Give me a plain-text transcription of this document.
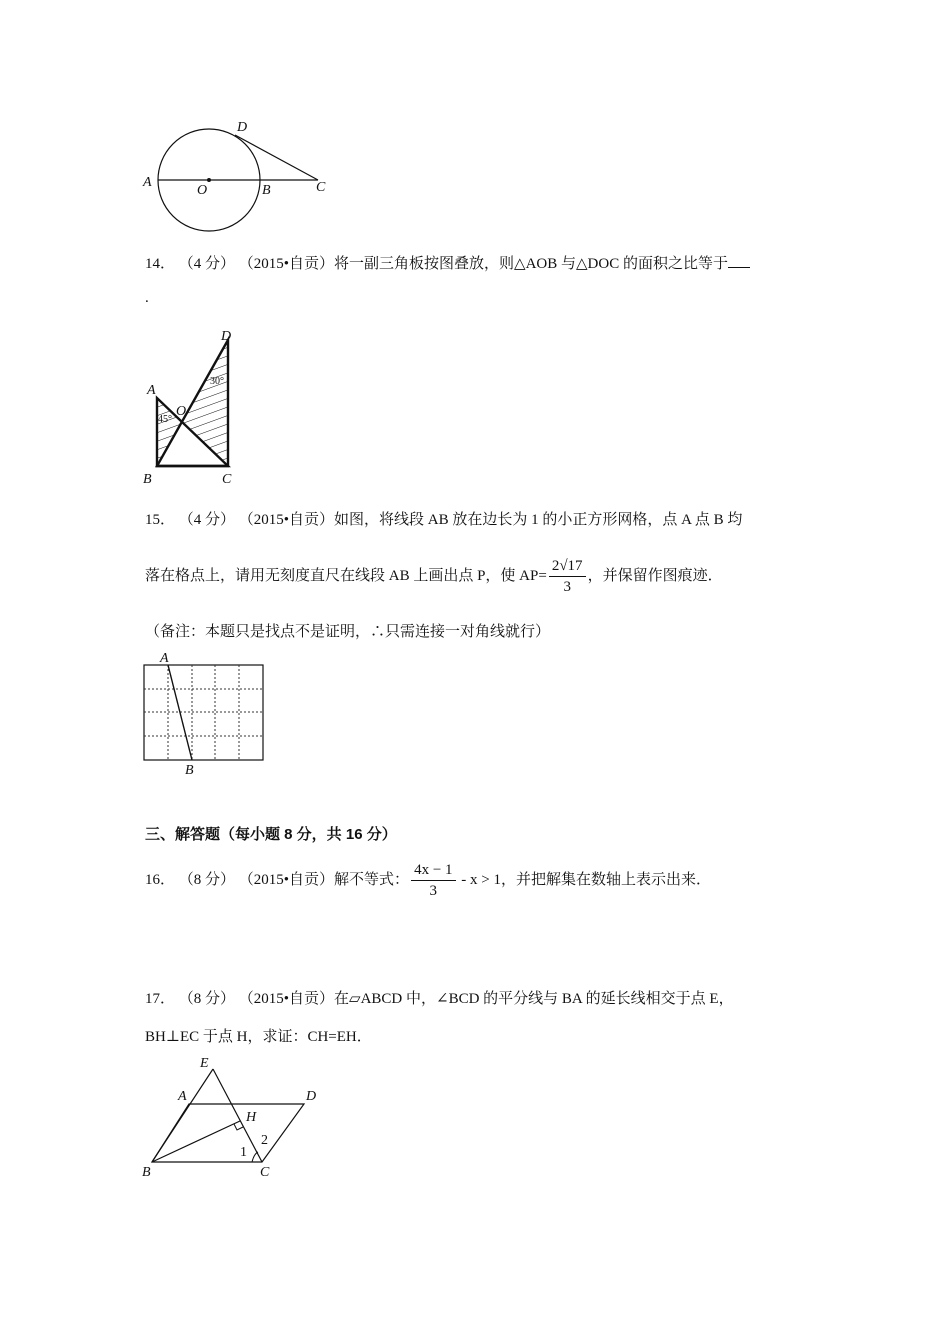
A
O	B	C
D
14． （4 分） （2015•自贡）将一副三角板按图叠放，则△AOB 与△DOC 的面积之比等于
.
D
A
O
B	C
45°
30°
15． （4 分） （2015•自贡）如图，将线段 AB 放在边长为 1 的小正方形网格，点 A 点 B 均
落在格点上，请用无刻度直尺在线段 AB 上画出点 P，使 $AP= \frac{2√17}{3}$ ，并保留作图痕迹．
（备注：本题只是找点不是证明，∴只需连接一对角线就行）
A
B
三、解答题（每小题 8 分，共 16 分）
16． （8 分） （2015•自贡）解不等式： $\frac{4x - 1}{3} - x > 1$，并把解集在数轴上表示出来．
17． （8 分） （2015•自贡）在▱ABCD 中，∠BCD 的平分线与 BA 的延长线相交于点 E，
BH⊥EC 于点 H，求证：CH=EH．
E
A	D
H
B	C
1
2
